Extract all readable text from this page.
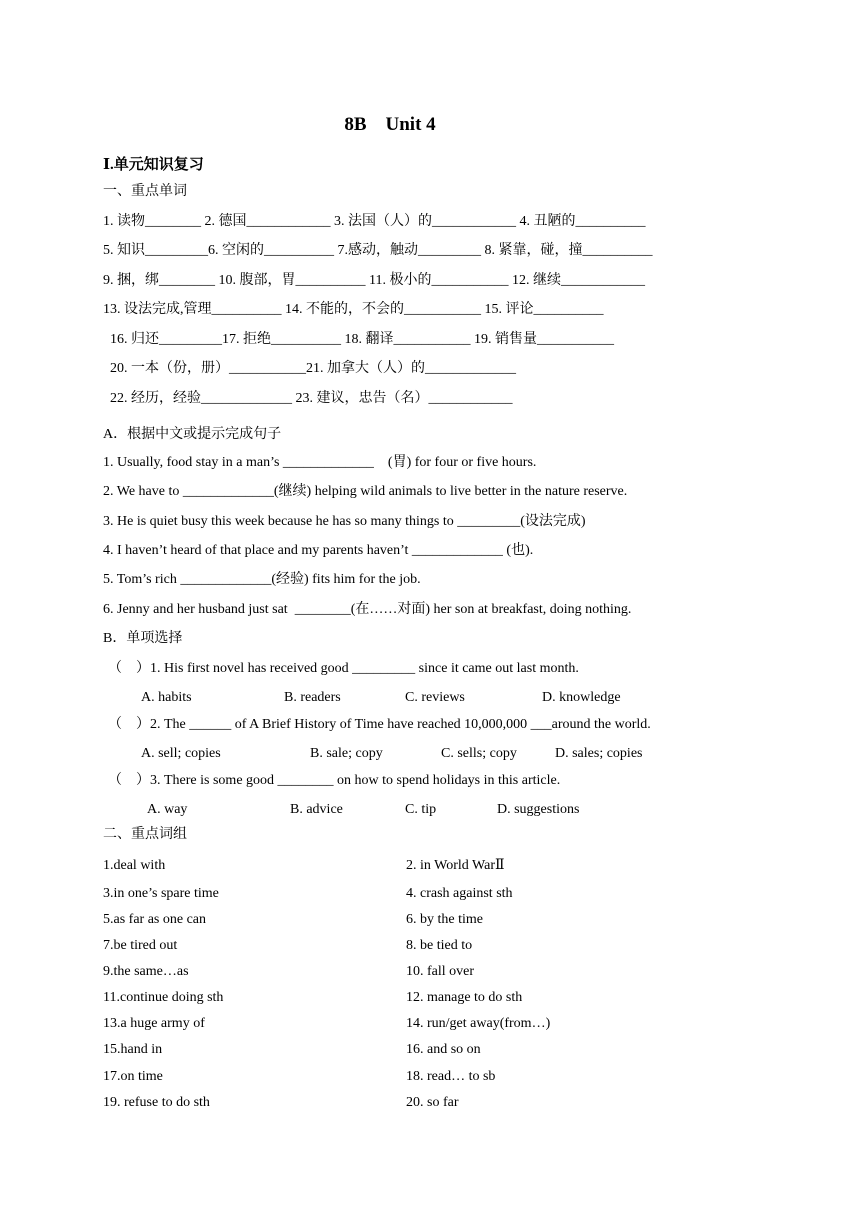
8B    Unit 4
Ⅰ.单元知识复习
一、重点单词
1. 读物________ 2. 德国____________ 3. 法国（人）的____________ 4. 丑陋的__________
5. 知识_________6. 空闲的__________ 7.感动，触动_________ 8. 紧靠，碰，撞__________
9. 捆，绑________ 10. 腹部，胃__________ 11. 极小的___________ 12. 继续____________
13. 设法完成,管理__________ 14. 不能的，不会的___________ 15. 评论__________
16. 归还_________17. 拒绝__________ 18. 翻译___________ 19. 销售量___________
20. 一本（份，册）___________21. 加拿大（人）的_____________
22. 经历，经验_____________ 23. 建议，忠告（名）____________
A．根据中文或提示完成句子
1. Usually, food stay in a man’s _____________    (胃) for four or five hours.
2. We have to _____________(继续) helping wild animals to live better in the nature reserve.
3. He is quiet busy this week because he has so many things to _________(设法完成)
4. I haven’t heard of that place and my parents haven’t _____________ (也).
5. Tom’s rich _____________(经验) fits him for the job.
6. Jenny and her husband just sat  ________(在……对面) her son at breakfast, doing nothing.
B．单项选择
（    ）1. His first novel has received good _________ since it came out last month.
A. habits	B. readers	C. reviews	D. knowledge
（    ）2. The ______ of A Brief History of Time have reached 10,000,000 ___around the world.
A. sell; copies	B. sale; copy	C. sells; copy	D. sales; copies
（    ）3. There is some good ________ on how to spend holidays in this article.
A. way	B. advice	C. tip	D. suggestions
二、重点词组
1.deal with	2. in World WarⅡ
3.in one’s spare time	4. crash against sth
5.as far as one can	6. by the time
7.be tired out	8. be tied to
9.the same…as	10. fall over
11.continue doing sth	12. manage to do sth
13.a huge army of	14. run/get away(from…)
15.hand in	16. and so on
17.on time	18. read… to sb
19. refuse to do sth	20. so far
